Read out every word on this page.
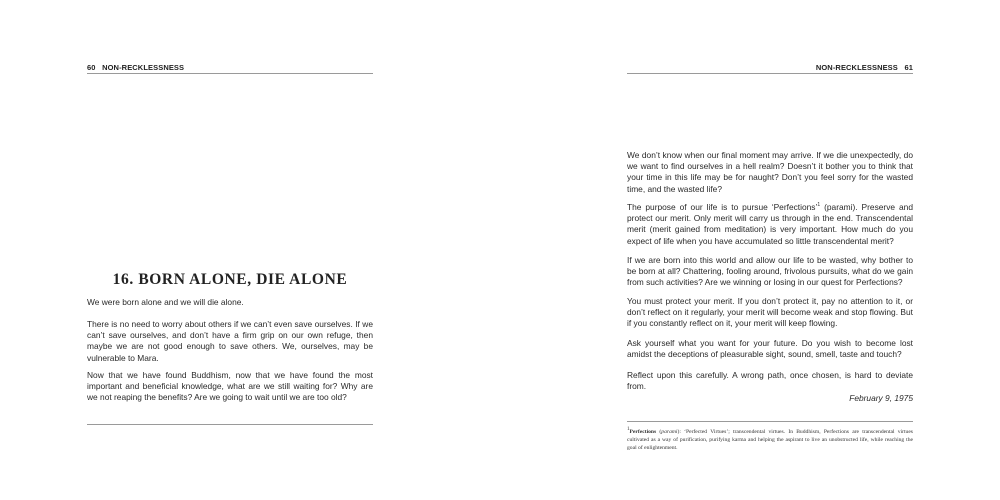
60 NON-RECKLESSNESS
16. BORN ALONE, DIE ALONE

We were born alone and we will die alone.

There is no need to worry about others if we can’t even save ourselves. If we can’t save ourselves, and don’t have a firm grip on our own refuge, then maybe we are not good enough to save others. We, ourselves, may be vulnerable to Mara.

Now that we have found Buddhism, now that we have found the most important and beneficial knowledge, what are we still waiting for? Why are we not reaping the benefits? Are we going to wait until we are too old?

NON-RECKLESSNESS 61

We don’t know when our final moment may arrive. If we die unexpectedly, do we want to find ourselves in a hell realm? Doesn’t it bother you to think that your time in this life may be for naught? Don’t you feel sorry for the wasted time, and the wasted life?

The purpose of our life is to pursue ‘Perfections’$^1$ (parami). Preserve and protect our merit. Only merit will carry us through in the end. Transcendental merit (merit gained from meditation) is very important. How much do you expect of life when you have accumulated so little transcendental merit?

If we are born into this world and allow our life to be wasted, why bother to be born at all? Chattering, fooling around, frivolous pursuits, what do we gain from such activities? Are we winning or losing in our quest for Perfections?

You must protect your merit. If you don’t protect it, pay no attention to it, or don’t reflect on it regularly, your merit will become weak and stop flowing. But if you constantly reflect on it, your merit will keep flowing.

Ask yourself what you want for your future. Do you wish to become lost amidst the deceptions of pleasurable sight, sound, smell, taste and touch?

Reflect upon this carefully. A wrong path, once chosen, is hard to deviate from.

February 9, 1975

1Perfections (parami): ‘Perfected Virtues’; transcendental virtues. In Buddhism, Perfections are transcendental virtues cultivated as a way of purification, purifying karma and helping the aspirant to live an unobstructed life, while reaching the goal of enlightenment.
